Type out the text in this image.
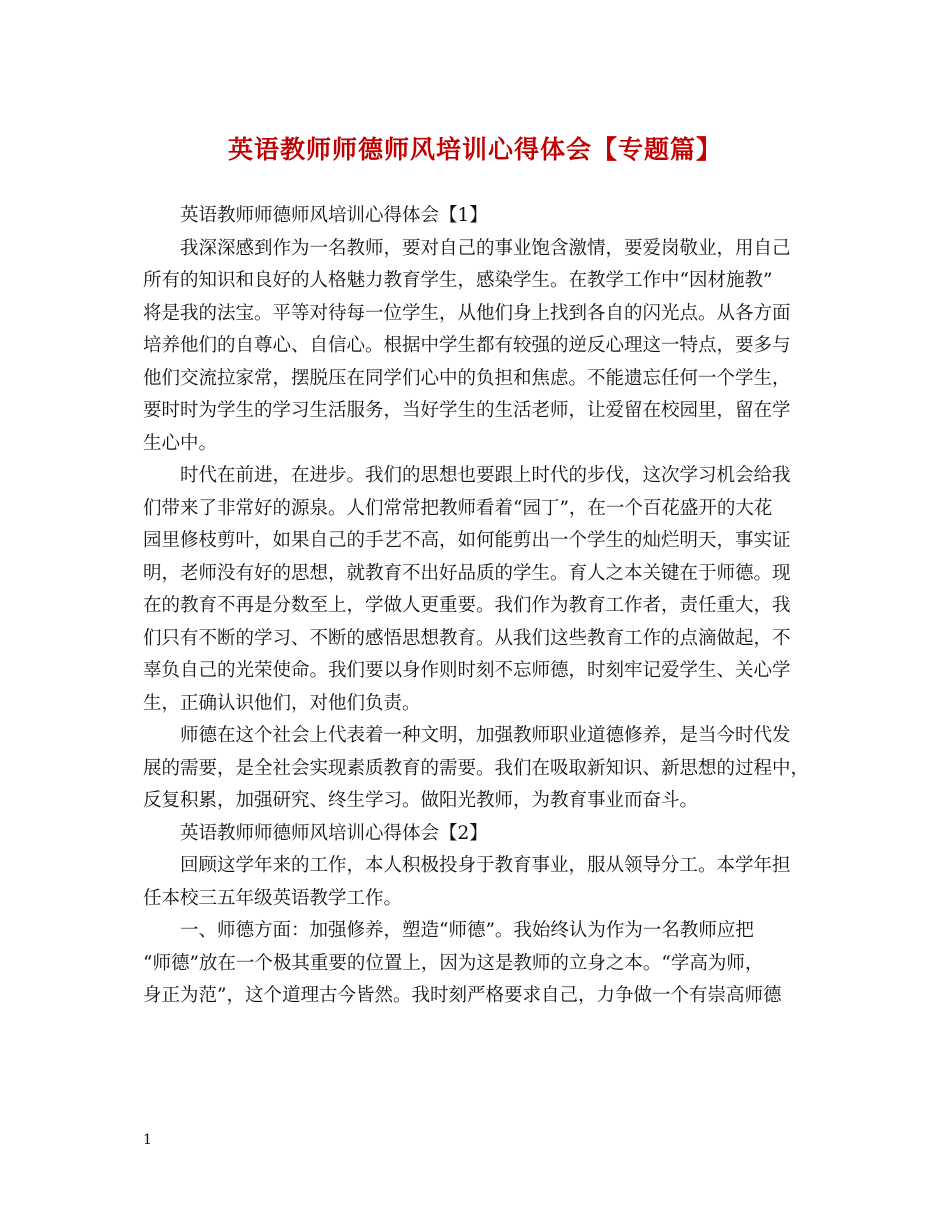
英语教师师德师风培训心得体会【专题篇】
英语教师师德师风培训心得体会【1】
我深深感到作为一名教师，要对自己的事业饱含激情，要爱岗敬业，用自己
所有的知识和良好的人格魅力教育学生，感染学生。在教学工作中“因材施教”
将是我的法宝。平等对待每一位学生，从他们身上找到各自的闪光点。从各方面
培养他们的自尊心、自信心。根据中学生都有较强的逆反心理这一特点，要多与
他们交流拉家常，摆脱压在同学们心中的负担和焦虑。不能遗忘任何一个学生，
要时时为学生的学习生活服务，当好学生的生活老师，让爱留在校园里，留在学
生心中。
时代在前进，在进步。我们的思想也要跟上时代的步伐，这次学习机会给我
们带来了非常好的源泉。人们常常把教师看着“园丁”，在一个百花盛开的大花
园里修枝剪叶，如果自己的手艺不高，如何能剪出一个学生的灿烂明天，事实证
明，老师没有好的思想，就教育不出好品质的学生。育人之本关键在于师德。现
在的教育不再是分数至上，学做人更重要。我们作为教育工作者，责任重大，我
们只有不断的学习、不断的感悟思想教育。从我们这些教育工作的点滴做起，不
辜负自己的光荣使命。我们要以身作则时刻不忘师德，时刻牢记爱学生、关心学
生，正确认识他们，对他们负责。
师德在这个社会上代表着一种文明，加强教师职业道德修养，是当今时代发
展的需要，是全社会实现素质教育的需要。我们在吸取新知识、新思想的过程中，
反复积累，加强研究、终生学习。做阳光教师，为教育事业而奋斗。
英语教师师德师风培训心得体会【2】
回顾这学年来的工作，本人积极投身于教育事业，服从领导分工。本学年担
任本校三五年级英语教学工作。
一、师德方面：加强修养，塑造“师德”。我始终认为作为一名教师应把
“师德”放在一个极其重要的位置上，因为这是教师的立身之本。“学高为师，
身正为范”，这个道理古今皆然。我时刻严格要求自己，力争做一个有崇高师德
1
